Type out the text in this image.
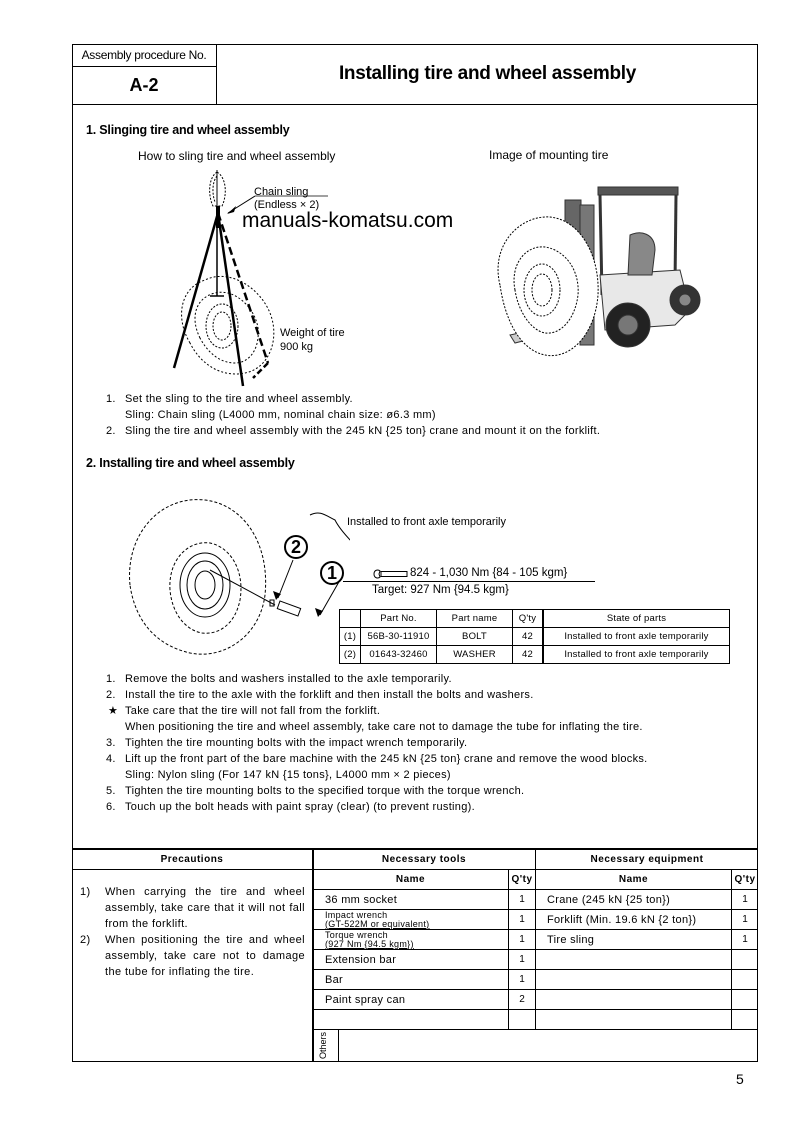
Assembly procedure No.
A-2
Installing tire and wheel assembly
1. Slinging tire and wheel assembly
How to sling tire and wheel assembly	Image of mounting tire
Chain sling
(Endless × 2)
Weight of tire
900 kg
manuals-komatsu.com
1. Set the sling to the tire and wheel assembly.
Sling: Chain sling (L4000 mm, nominal chain size: ø6.3 mm)
2. Sling the tire and wheel assembly with the 245 kN {25 ton} crane and mount it on the forklift.
2. Installing tire and wheel assembly
2
1
Installed to front axle temporarily
824 - 1,030 Nm {84 - 105 kgm}
Target: 927 Nm {94.5 kgm}
	Part No.	Part name	Q'ty	State of parts
(1)	56B-30-11910	BOLT	42	Installed to front axle temporarily
(2)	01643-32460	WASHER	42	Installed to front axle temporarily
1. Remove the bolts and washers installed to the axle temporarily.
2. Install the tire to the axle with the forklift and then install the bolts and washers.
★ Take care that the tire will not fall from the forklift.
When positioning the tire and wheel assembly, take care not to damage the tube for inflating the tire.
3. Tighten the tire mounting bolts with the impact wrench temporarily.
4. Lift up the front part of the bare machine with the 245 kN {25 ton} crane and remove the wood blocks.
Sling: Nylon sling (For 147 kN {15 tons}, L4000 mm × 2 pieces)
5. Tighten the tire mounting bolts to the specified torque with the torque wrench.
6. Touch up the bolt heads with paint spray (clear) (to prevent rusting).
Precautions	Necessary tools	Necessary equipment
Name	Q'ty	Name	Q'ty
1) When carrying the tire and wheel assembly, take care that it will not fall from the forklift.
2) When positioning the tire and wheel assembly, take care not to damage the tube for inflating the tire.
36 mm socket	1
Impact wrench
(GT-522M or equivalent)	1
Torque wrench
(927 Nm {94.5 kgm})	1
Extension bar	1
Bar	1
Paint spray can	2
Crane (245 kN {25 ton})	1
Forklift (Min. 19.6 kN {2 ton})	1
Tire sling	1
Others
5
